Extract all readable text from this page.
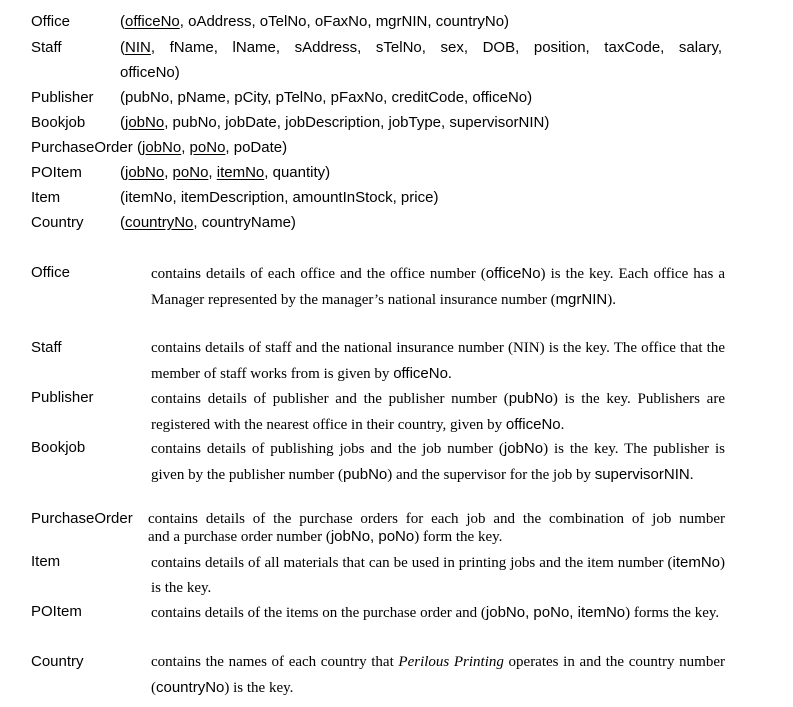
Office	(officeNo, oAddress, oTelNo, oFaxNo, mgrNIN, countryNo)
Staff	(NIN, fName, lName, sAddress, sTelNo, sex, DOB, position, taxCode, salary,
officeNo)
Publisher (pubNo, pName, pCity, pTelNo, pFaxNo, creditCode, officeNo)
Bookjob (jobNo, pubNo, jobDate, jobDescription, jobType, supervisorNIN)
PurchaseOrder (jobNo, poNo, poDate)
POItem	(jobNo, poNo, itemNo, quantity)
Item	(itemNo, itemDescription, amountInStock, price)
Country (countryNo, countryName)
Office	contains details of each office and the office number (officeNo) is the key. Each office has a Manager represented by the manager’s national insurance number (mgrNIN).
Staff	contains details of staff and the national insurance number (NIN) is the key. The office that the member of staff works from is given by officeNo.
Publisher	contains details of publisher and the publisher number (pubNo) is the key. Publishers are registered with the nearest office in their country, given by officeNo.
Bookjob	contains details of publishing jobs and the job number (jobNo) is the key. The publisher is given by the publisher number (pubNo) and the supervisor for the job by supervisorNIN.
PurchaseOrder contains details of the purchase orders for each job and the combination of job number
and a purchase order number (jobNo, poNo) form the key.
Item	contains details of all materials that can be used in printing jobs and the item number (itemNo) is the key.
POItem	contains details of the items on the purchase order and (jobNo, poNo, itemNo) forms the key.
Country	contains the names of each country that Perilous Printing operates in and the country number (countryNo) is the key.
